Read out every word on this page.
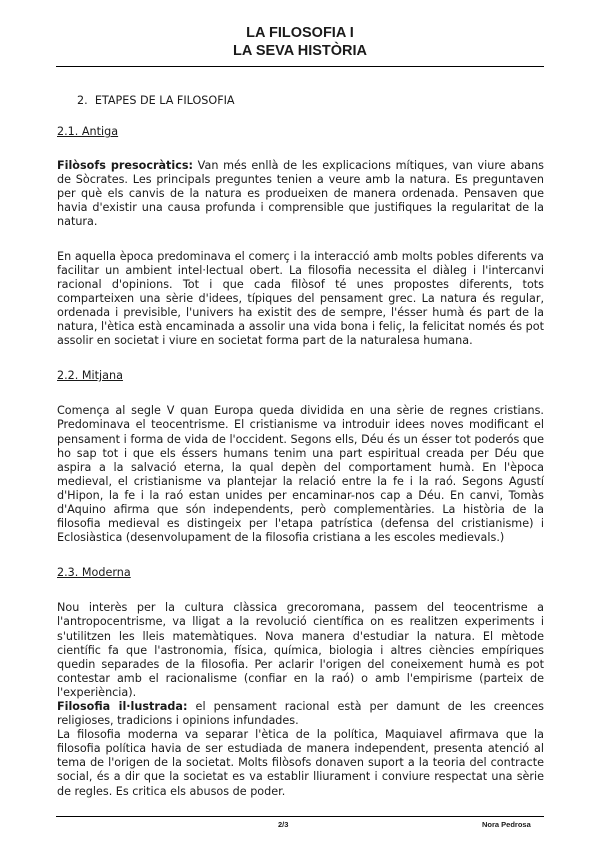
LA FILOSOFIA I
LA SEVA HISTÒRIA
2. ETAPES DE LA FILOSOFIA
2.1. Antiga

Filòsofs presocràtics: Van més enllà de les explicacions mítiques, van viure abans de Sòcrates. Les principals preguntes tenien a veure amb la natura. Es preguntaven per què els canvis de la natura es produeixen de manera ordenada. Pensaven que havia d'existir una causa profunda i comprensible que justifiques la regularitat de la natura.

En aquella època predominava el comerç i la interacció amb molts pobles diferents va facilitar un ambient intel·lectual obert. La filosofia necessita el diàleg i l'intercanvi racional d'opinions. Tot i que cada filòsof té unes propostes diferents, tots comparteixen una sèrie d'idees, típiques del pensament grec. La natura és regular, ordenada i previsible, l'univers ha existit des de sempre, l'ésser humà és part de la natura, l'ètica està encaminada a assolir una vida bona i feliç, la felicitat només és pot assolir en societat i viure en societat forma part de la naturalesa humana.

2.2. Mitjana

Comença al segle V quan Europa queda dividida en una sèrie de regnes cristians. Predominava el teocentrisme. El cristianisme va introduir idees noves modificant el pensament i forma de vida de l'occident. Segons ells, Déu és un ésser tot poderós que ho sap tot i que els éssers humans tenim una part espiritual creada per Déu que aspira a la salvació eterna, la qual depèn del comportament humà. En l'època medieval, el cristianisme va plantejar la relació entre la fe i la raó. Segons Agustí d'Hipon, la fe i la raó estan unides per encaminar-nos cap a Déu. En canvi, Tomàs d'Aquino afirma que són independents, però complementàries. La història de la filosofia medieval es distingeix per l'etapa patrística (defensa del cristianisme) i Eclosiàstica (desenvolupament de la filosofia cristiana a les escoles medievals.)

2.3. Moderna

Nou interès per la cultura clàssica grecoromana, passem del teocentrisme a l'antropocentrisme, va lligat a la revolució científica on es realitzen experiments i s'utilitzen les lleis matemàtiques. Nova manera d'estudiar la natura. El mètode científic fa que l'astronomia, física, química, biologia i altres ciències empíriques quedin separades de la filosofia. Per aclarir l'origen del coneixement humà es pot contestar amb el racionalisme (confiar en la raó) o amb l'empirisme (parteix de l'experiència).

Filosofia il·lustrada: el pensament racional està per damunt de les creences religioses, tradicions i opinions infundades.

La filosofia moderna va separar l'ètica de la política, Maquiavel afirmava que la filosofia política havia de ser estudiada de manera independent, presenta atenció al tema de l'origen de la societat. Molts filòsofs donaven suport a la teoria del contracte social, és a dir que la societat es va establir lliurament i conviure respectat una sèrie de regles. Es critica els abusos de poder.

2/3	Nora Pedrosa
